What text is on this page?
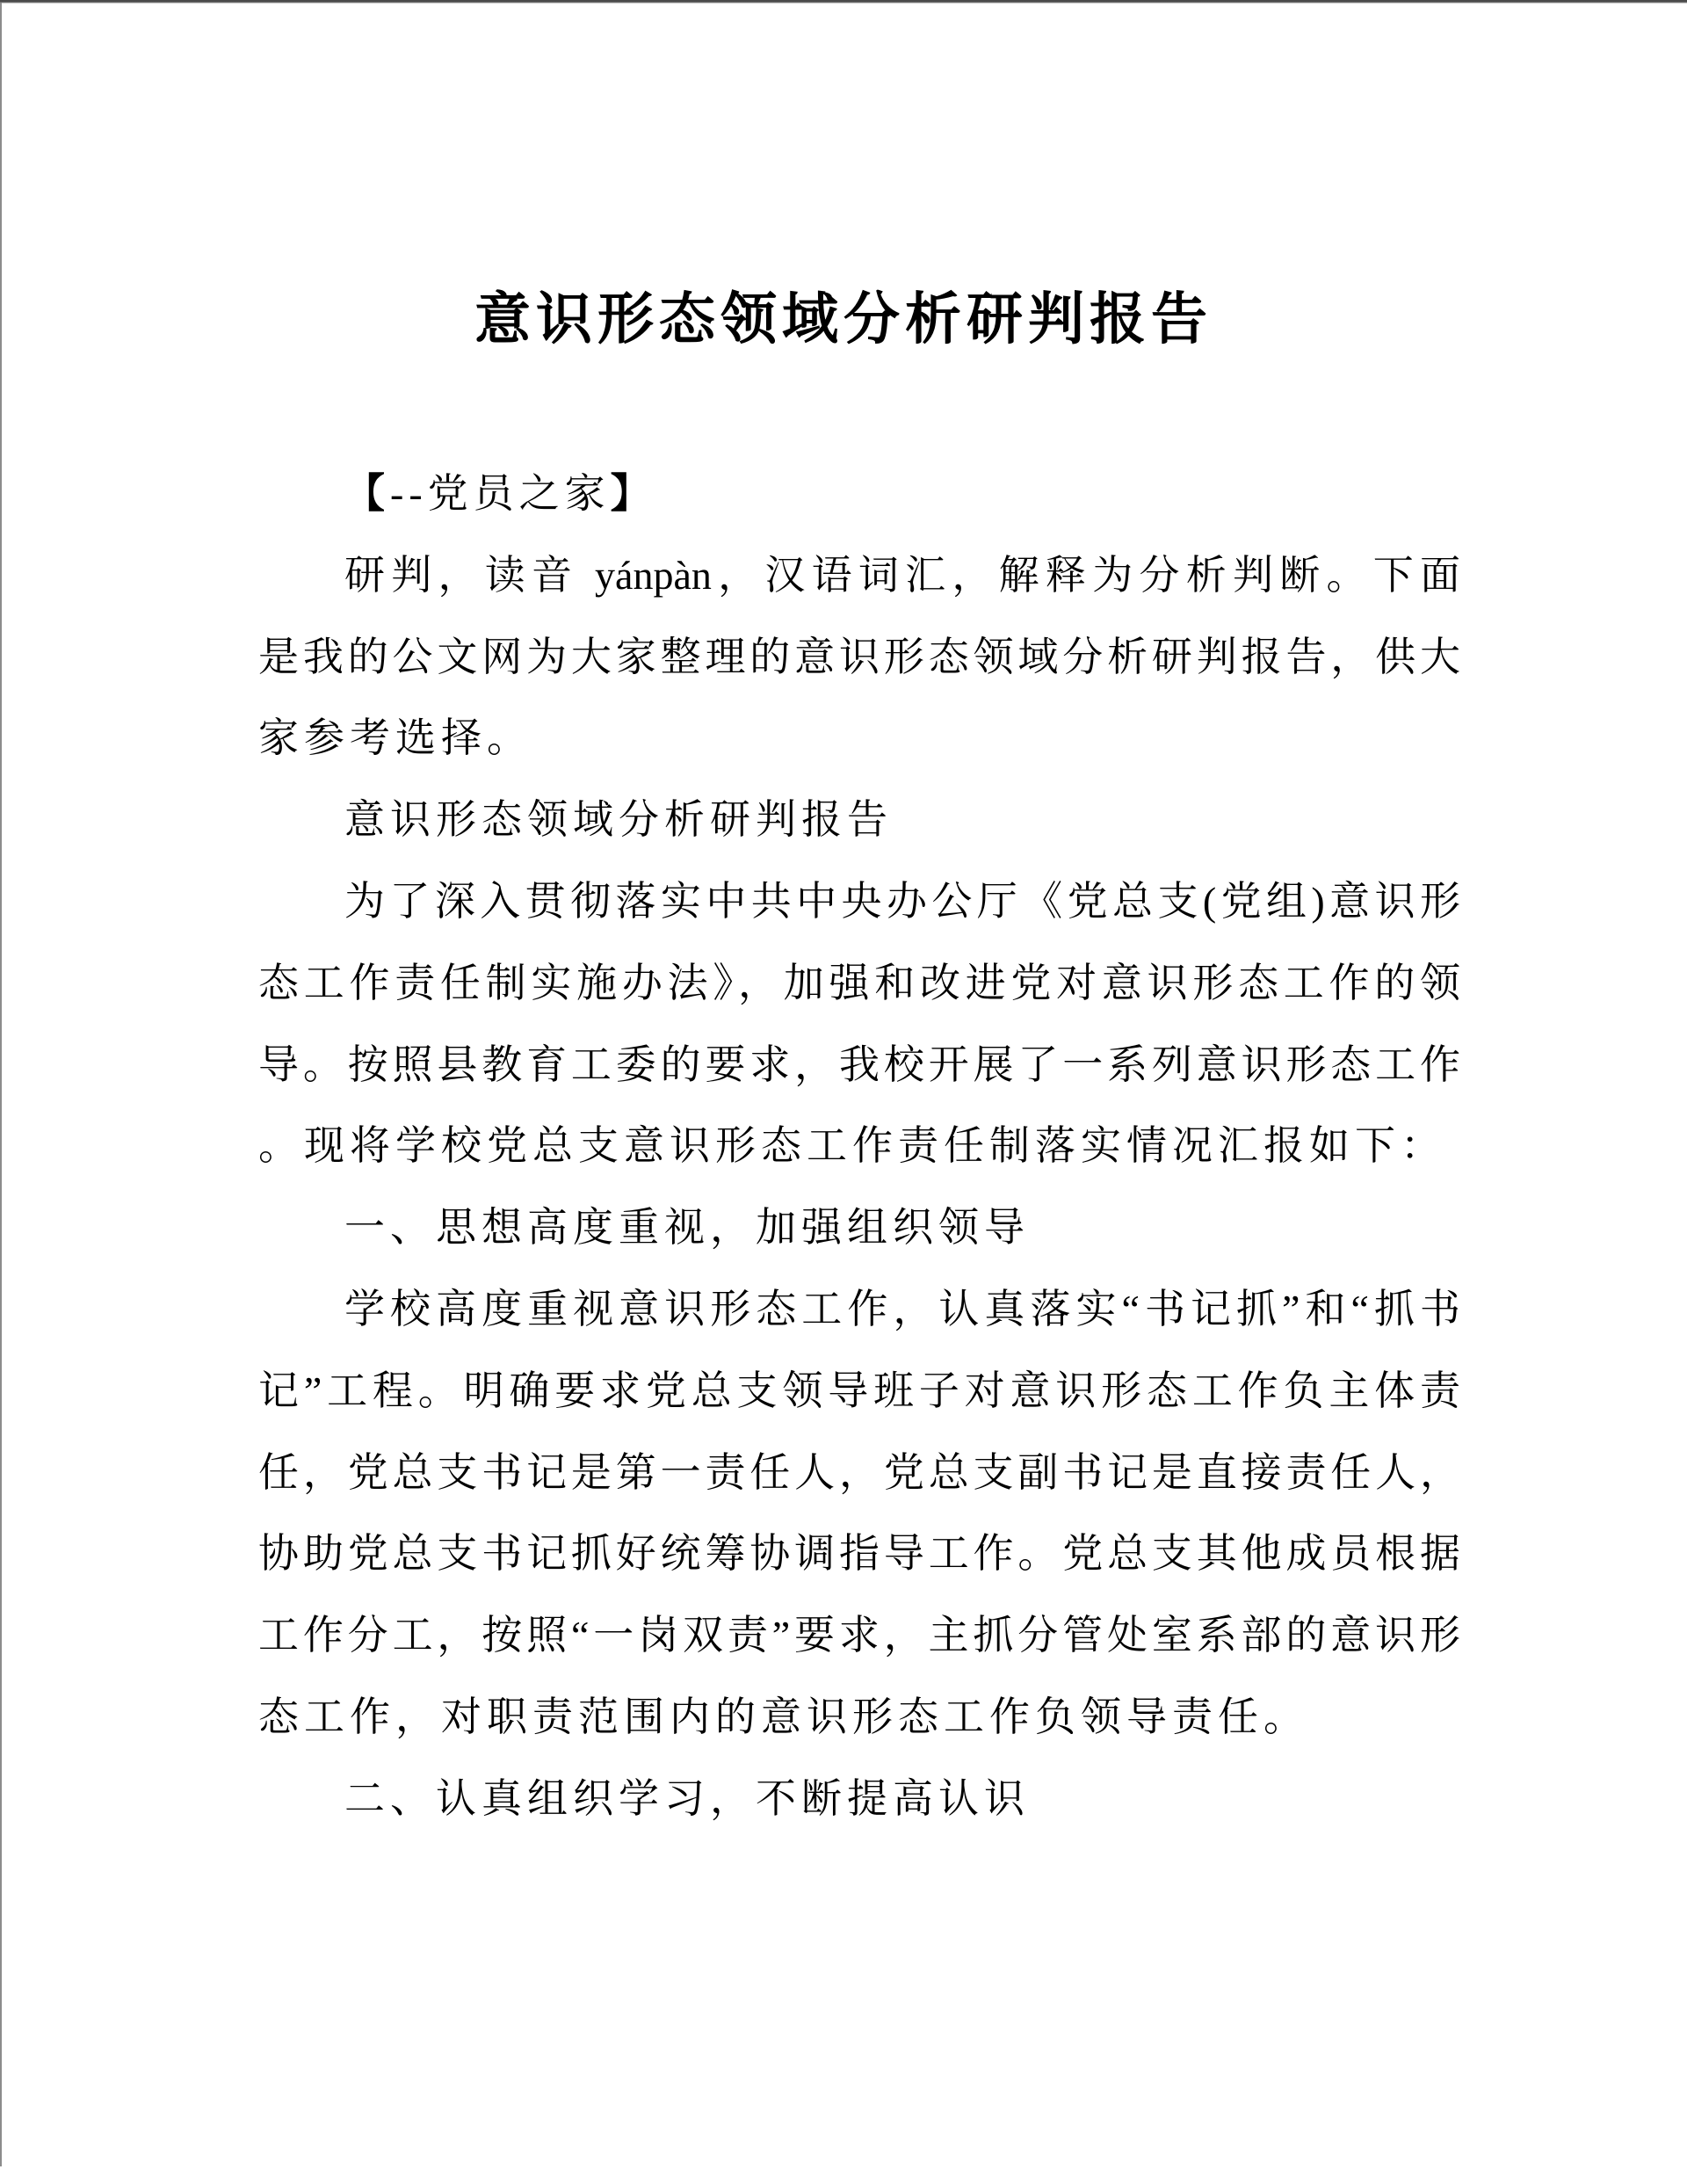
意识形态领域分析研判报告
【--党员之家】
研判，读音 yánpàn，汉语词汇，解释为分析判断。下面
是我的公文网为大家整理的意识形态领域分析研判报告，供大
家参考选择。
意识形态领域分析研判报告
为了深入贯彻落实中共中央办公厅《党总支(党组)意识形
态工作责任制实施办法》，加强和改进党对意识形态工作的领
导。按照县教育工委的要求，我校开展了一系列意识形态工作
。现将学校党总支意识形态工作责任制落实情况汇报如下：
一、思想高度重视，加强组织领导
学校高度重视意识形态工作，认真落实“书记抓”和“抓书
记”工程。明确要求党总支领导班子对意识形态工作负主体责
任，党总支书记是第一责任人，党总支副书记是直接责任人，
协助党总支书记抓好统筹协调指导工作。党总支其他成员根据
工作分工，按照“一岗双责”要求，主抓分管处室系部的意识形
态工作，对职责范围内的意识形态工作负领导责任。
二、认真组织学习，不断提高认识
